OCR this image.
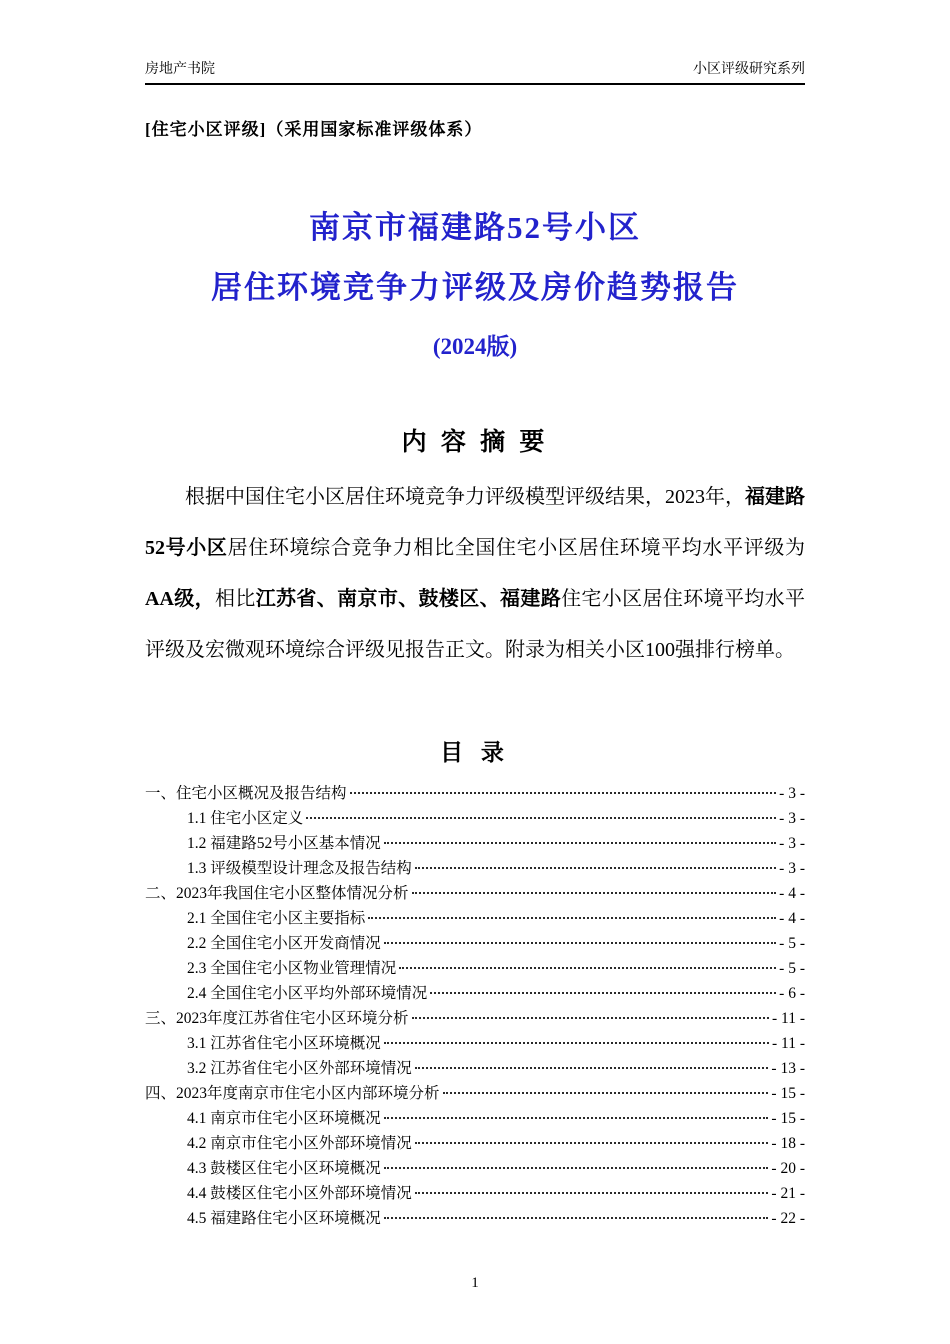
房地产书院	小区评级研究系列
[住宅小区评级]（采用国家标准评级体系）
南京市福建路52号小区
居住环境竞争力评级及房价趋势报告
(2024版)
内 容 摘 要

根据中国住宅小区居住环境竞争力评级模型评级结果，2023年，福建路52号小区居住环境综合竞争力相比全国住宅小区居住环境平均水平评级为AA级，相比江苏省、南京市、鼓楼区、福建路住宅小区居住环境平均水平评级及宏微观环境综合评级见报告正文。附录为相关小区100强排行榜单。

目 录
一、住宅小区概况及报告结构	- 3 -
1.1 住宅小区定义	- 3 -
1.2 福建路52号小区基本情况	- 3 -
1.3 评级模型设计理念及报告结构	- 3 -
二、2023年我国住宅小区整体情况分析	- 4 -
2.1 全国住宅小区主要指标	- 4 -
2.2 全国住宅小区开发商情况	- 5 -
2.3 全国住宅小区物业管理情况	- 5 -
2.4 全国住宅小区平均外部环境情况	- 6 -
三、2023年度江苏省住宅小区环境分析	- 11 -
3.1 江苏省住宅小区环境概况	- 11 -
3.2 江苏省住宅小区外部环境情况	- 13 -
四、2023年度南京市住宅小区内部环境分析	- 15 -
4.1 南京市住宅小区环境概况	- 15 -
4.2 南京市住宅小区外部环境情况	- 18 -
4.3 鼓楼区住宅小区环境概况	- 20 -
4.4 鼓楼区住宅小区外部环境情况	- 21 -
4.5 福建路住宅小区环境概况	- 22 -
1
